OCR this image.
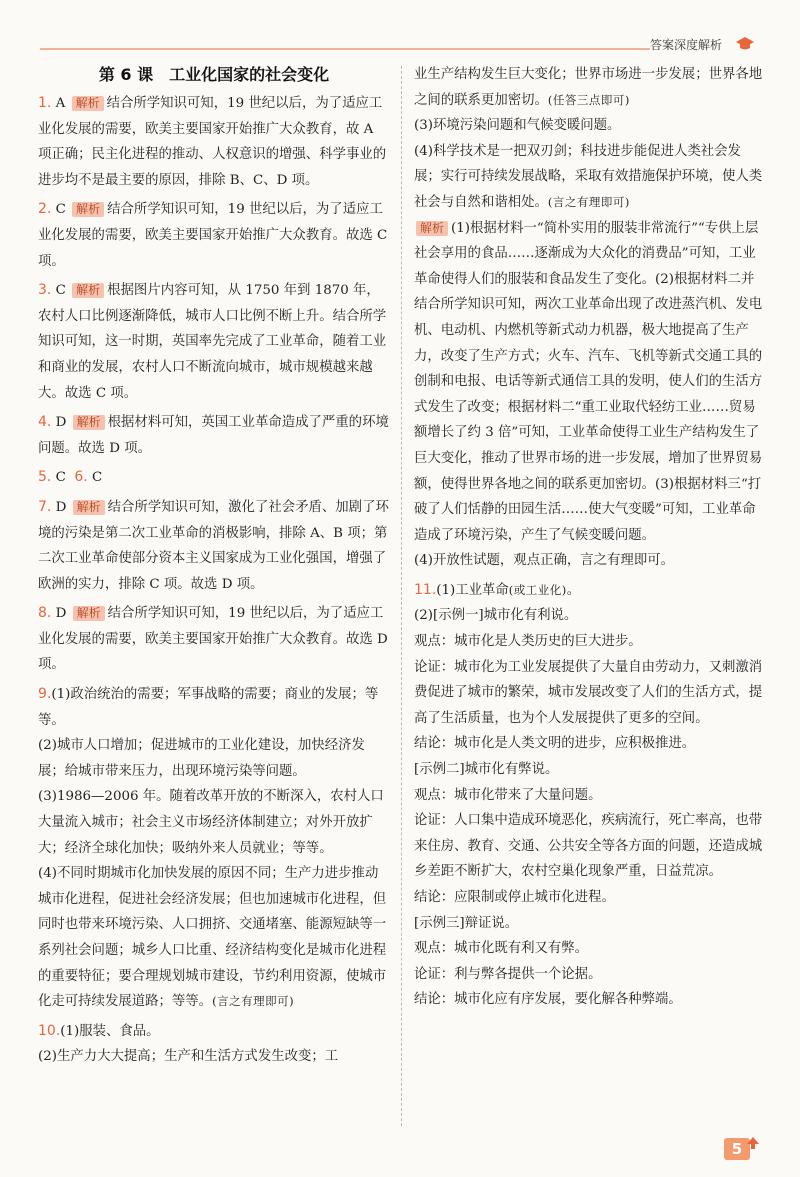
答案深度解析
第 6 课　工业化国家的社会变化
1. A 解析 结合所学知识可知，19 世纪以后，为了适应工业化发展的需要，欧美主要国家开始推广大众教育，故 A 项正确；民主化进程的推动、人权意识的增强、科学事业的进步均不是最主要的原因，排除 B、C、D 项。
2. C 解析 结合所学知识可知，19 世纪以后，为了适应工业化发展的需要，欧美主要国家开始推广大众教育。故选 C 项。
3. C 解析 根据图片内容可知，从 1750 年到 1870 年，农村人口比例逐渐降低，城市人口比例不断上升。结合所学知识可知，这一时期，英国率先完成了工业革命，随着工业和商业的发展，农村人口不断流向城市，城市规模越来越大。故选 C 项。
4. D 解析 根据材料可知，英国工业革命造成了严重的环境问题。故选 D 项。
5. C 6. C
7. D 解析 结合所学知识可知，激化了社会矛盾、加剧了环境的污染是第二次工业革命的消极影响，排除 A、B 项；第二次工业革命使部分资本主义国家成为工业化强国，增强了欧洲的实力，排除 C 项。故选 D 项。
8. D 解析 结合所学知识可知，19 世纪以后，为了适应工业化发展的需要，欧美主要国家开始推广大众教育。故选 D 项。

9.(1)政治统治的需要；军事战略的需要；商业的发展；等等。

(2)城市人口增加；促进城市的工业化建设，加快经济发展；给城市带来压力，出现环境污染等问题。

(3)1986—2006 年。随着改革开放的不断深入，农村人口大量流入城市；社会主义市场经济体制建立；对外开放扩大；经济全球化加快；吸纳外来人员就业；等等。

(4)不同时期城市化加快发展的原因不同；生产力进步推动城市化进程，促进社会经济发展；但也加速城市化进程，但同时也带来环境污染、人口拥挤、交通堵塞、能源短缺等一系列社会问题；城乡人口比重、经济结构变化是城市化进程的重要特征；要合理规划城市建设，节约利用资源，使城市化走可持续发展道路；等等。(言之有理即可)

10.(1)服装、食品。

(2)生产力大大提高；生产和生活方式发生改变；工

业生产结构发生巨大变化；世界市场进一步发展；世界各地之间的联系更加密切。(任答三点即可)

(3)环境污染问题和气候变暖问题。

(4)科学技术是一把双刃剑；科技进步能促进人类社会发展；实行可持续发展战略，采取有效措施保护环境，使人类社会与自然和谐相处。(言之有理即可)

解析 (1)根据材料一“简朴实用的服装非常流行”“专供上层社会享用的食品……逐渐成为大众化的消费品”可知，工业革命使得人们的服装和食品发生了变化。(2)根据材料二并结合所学知识可知，两次工业革命出现了改进蒸汽机、发电机、电动机、内燃机等新式动力机器，极大地提高了生产力，改变了生产方式；火车、汽车、飞机等新式交通工具的创制和电报、电话等新式通信工具的发明，使人们的生活方式发生了改变；根据材料二“重工业取代轻纺工业……贸易额增长了约 3 倍”可知，工业革命使得工业生产结构发生了巨大变化，推动了世界市场的进一步发展，增加了世界贸易额，使得世界各地之间的联系更加密切。(3)根据材料三“打破了人们恬静的田园生活……使大气变暖”可知，工业革命造成了环境污染，产生了气候变暖问题。

(4)开放性试题，观点正确，言之有理即可。

11.(1)工业革命(或工业化)。

(2)[示例一]城市化有利说。

观点：城市化是人类历史的巨大进步。

论证：城市化为工业发展提供了大量自由劳动力，又刺激消费促进了城市的繁荣，城市发展改变了人们的生活方式，提高了生活质量，也为个人发展提供了更多的空间。

结论：城市化是人类文明的进步，应积极推进。

[示例二]城市化有弊说。

观点：城市化带来了大量问题。

论证：人口集中造成环境恶化，疾病流行，死亡率高，也带来住房、教育、交通、公共安全等各方面的问题，还造成城乡差距不断扩大，农村空巢化现象严重，日益荒凉。

结论：应限制或停止城市化进程。

[示例三]辩证说。

观点：城市化既有利又有弊。

论证：利与弊各提供一个论据。

结论：城市化应有序发展，要化解各种弊端。

5
